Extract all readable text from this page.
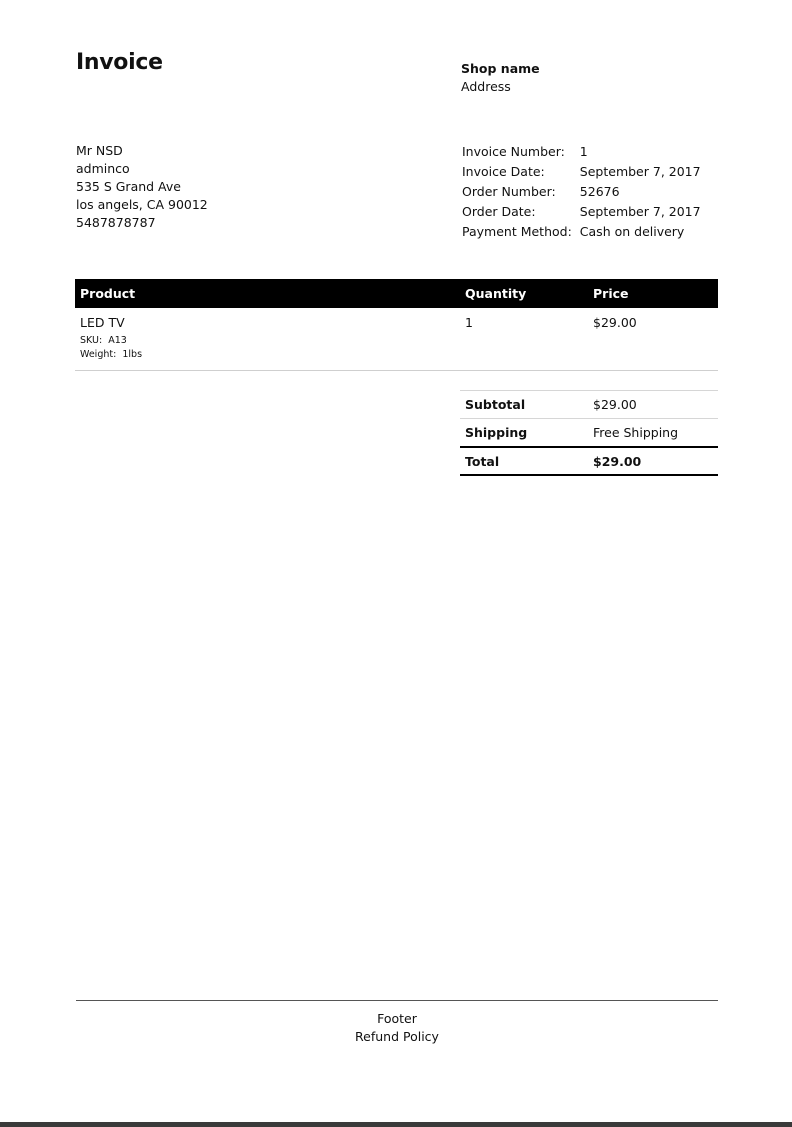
Invoice	Shop name
Address
Mr NSD
adminco
535 S Grand Ave
los angels, CA 90012
5487878787
Invoice Number:	1
Invoice Date:	September 7, 2017
Order Number:	52676
Order Date:	September 7, 2017
Payment Method:	Cash on delivery
Product	Quantity	Price

LED TV
SKU: A13
Weight: 1lbs	1	$29.00
Subtotal	$29.00
Shipping	Free Shipping
Total	$29.00
Footer
Refund Policy
